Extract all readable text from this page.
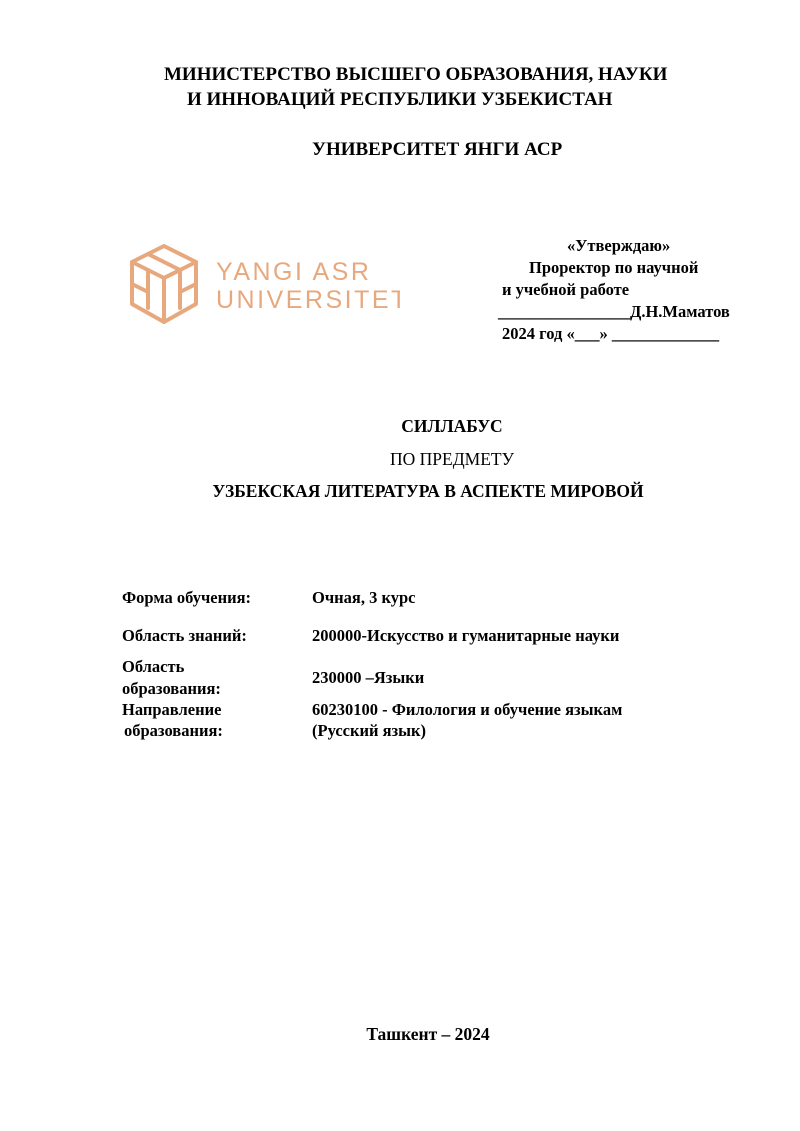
МИНИСТЕРСТВО ВЫСШЕГО ОБРАЗОВАНИЯ, НАУКИ
И ИННОВАЦИЙ РЕСПУБЛИКИ УЗБЕКИСТАН
УНИВЕРСИТЕТ ЯНГИ АСР
YANGI ASR
UNIVERSITETI
«Утверждаю»
Проректор по научной
и учебной работе
________________Д.Н.Маматов
2024 год «___» _____________
СИЛЛАБУС
ПО ПРЕДМЕТУ
УЗБЕКСКАЯ ЛИТЕРАТУРА В АСПЕКТЕ МИРОВОЙ
Форма обучения:	Очная, 3 курс
Область знаний:	200000-Искусство и гуманитарные науки
Область
образования:
230000 –Языки
Направление
образования:
60230100 - Филология и обучение языкам
(Русский язык)
Ташкент – 2024
